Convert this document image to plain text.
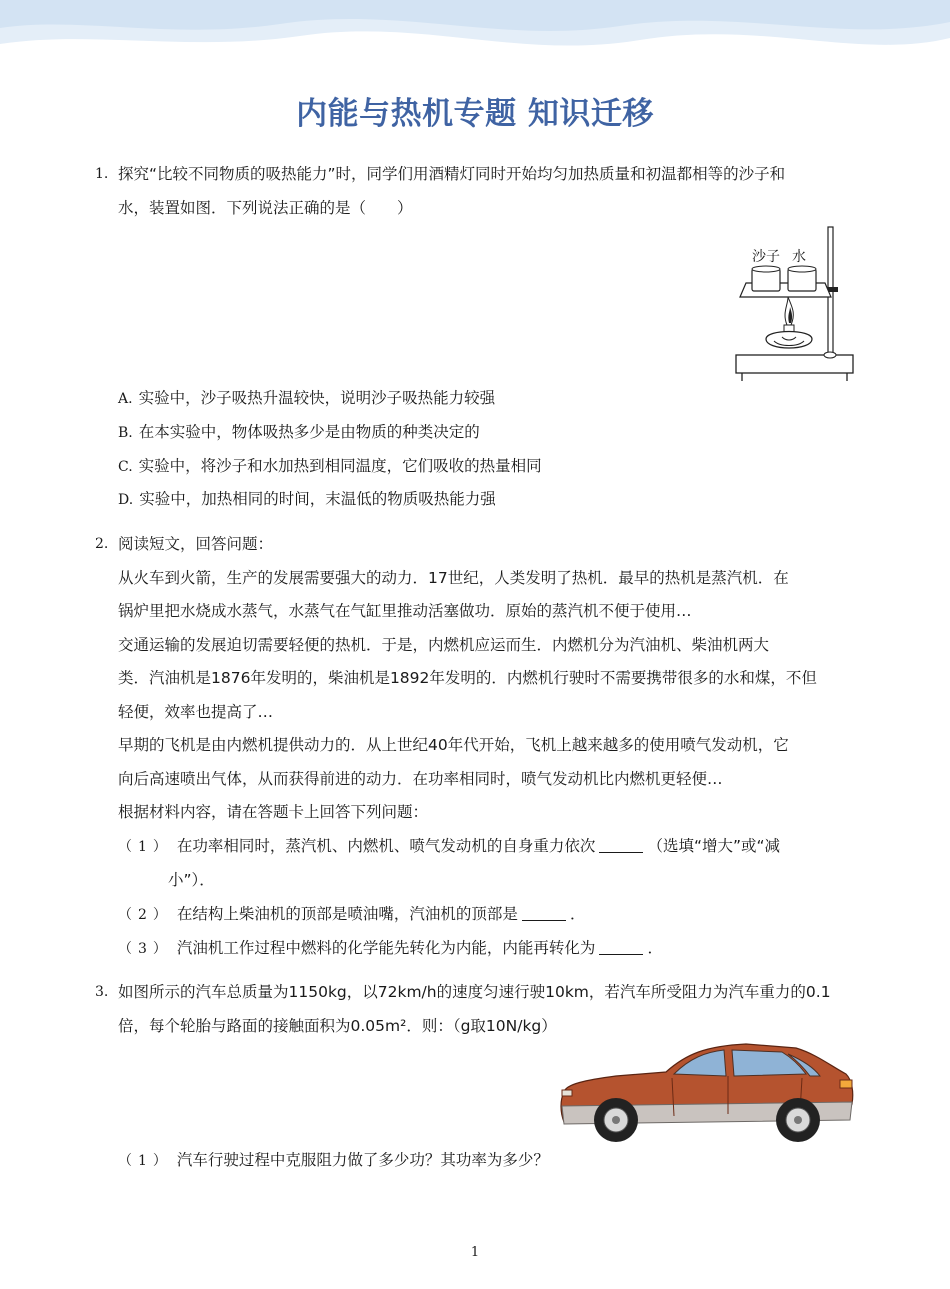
内能与热机专题 知识迁移
1. 探究“比较不同物质的吸热能力”时，同学们用酒精灯同时开始均匀加热质量和初温都相等的沙子和
水，装置如图．下列说法正确的是（　　）
沙子 水
A. 实验中，沙子吸热升温较快，说明沙子吸热能力较强
B. 在本实验中，物体吸热多少是由物质的种类决定的
C. 实验中，将沙子和水加热到相同温度，它们吸收的热量相同
D. 实验中，加热相同的时间，末温低的物质吸热能力强
2. 阅读短文，回答问题：
从火车到火箭，生产的发展需要强大的动力．17世纪，人类发明了热机．最早的热机是蒸汽机．在
锅炉里把水烧成水蒸气，水蒸气在气缸里推动活塞做功．原始的蒸汽机不便于使用…
交通运输的发展迫切需要轻便的热机．于是，内燃机应运而生．内燃机分为汽油机、柴油机两大
类．汽油机是1876年发明的，柴油机是1892年发明的．内燃机行驶时不需要携带很多的水和煤，不但
轻便，效率也提高了…
早期的飞机是由内燃机提供动力的．从上世纪40年代开始，飞机上越来越多的使用喷气发动机，它
向后高速喷出气体，从而获得前进的动力．在功率相同时，喷气发动机比内燃机更轻便…
根据材料内容，请在答题卡上回答下列问题：
（1） 在功率相同时，蒸汽机、内燃机、喷气发动机的自身重力依次	（选填“增大”或“减
小”）．
（2） 在结构上柴油机的顶部是喷油嘴，汽油机的顶部是	．
（3） 汽油机工作过程中燃料的化学能先转化为内能，内能再转化为	．
3. 如图所示的汽车总质量为1150kg，以72km/h的速度匀速行驶10km，若汽车所受阻力为汽车重力的0.1
倍，每个轮胎与路面的接触面积为0.05m²．则：（g取10N/kg）
（1） 汽车行驶过程中克服阻力做了多少功？其功率为多少？
1
